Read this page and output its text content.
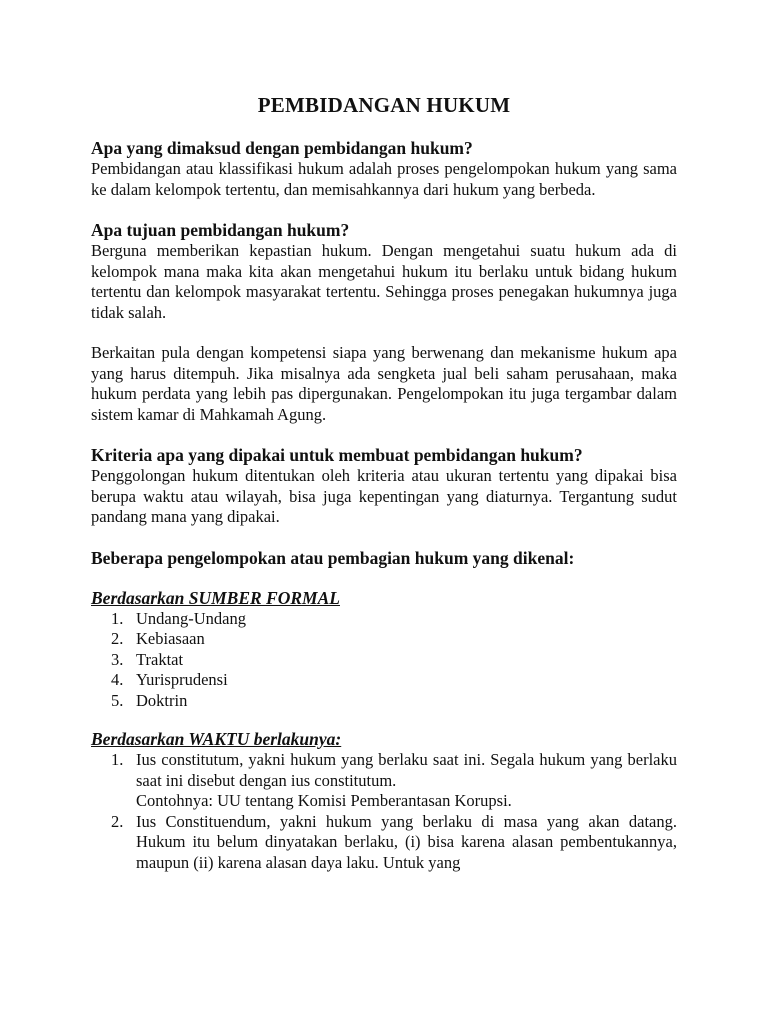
PEMBIDANGAN HUKUM

Apa yang dimaksud dengan pembidangan hukum?

Pembidangan atau klassifikasi hukum adalah proses pengelompokan hukum yang sama ke dalam kelompok tertentu, dan memisahkannya dari hukum yang berbeda.

Apa tujuan pembidangan hukum?

Berguna memberikan kepastian hukum. Dengan mengetahui suatu hukum ada di kelompok mana maka kita akan mengetahui hukum itu berlaku untuk bidang hukum tertentu dan kelompok masyarakat tertentu. Sehingga proses penegakan hukumnya juga tidak salah.

Berkaitan pula dengan kompetensi siapa yang berwenang dan mekanisme hukum apa yang harus ditempuh. Jika misalnya ada sengketa jual beli saham perusahaan, maka hukum perdata yang lebih pas dipergunakan. Pengelompokan itu juga tergambar dalam sistem kamar di Mahkamah Agung.

Kriteria apa yang dipakai untuk membuat pembidangan hukum?

Penggolongan hukum ditentukan oleh kriteria atau ukuran tertentu yang dipakai bisa berupa waktu atau wilayah, bisa juga kepentingan yang diaturnya. Tergantung sudut pandang mana yang dipakai.

Beberapa pengelompokan atau pembagian hukum yang dikenal:

Berdasarkan SUMBER FORMAL

1. Undang-Undang
2. Kebiasaan
3. Traktat
4. Yurisprudensi
5. Doktrin

Berdasarkan WAKTU berlakunya:

1. Ius constitutum, yakni hukum yang berlaku saat ini. Segala hukum yang berlaku saat ini disebut dengan ius constitutum.
Contohnya: UU tentang Komisi Pemberantasan Korupsi.
2. Ius Constituendum, yakni hukum yang berlaku di masa yang akan datang. Hukum itu belum dinyatakan berlaku, (i) bisa karena alasan pembentukannya, maupun (ii) karena alasan daya laku. Untuk yang
